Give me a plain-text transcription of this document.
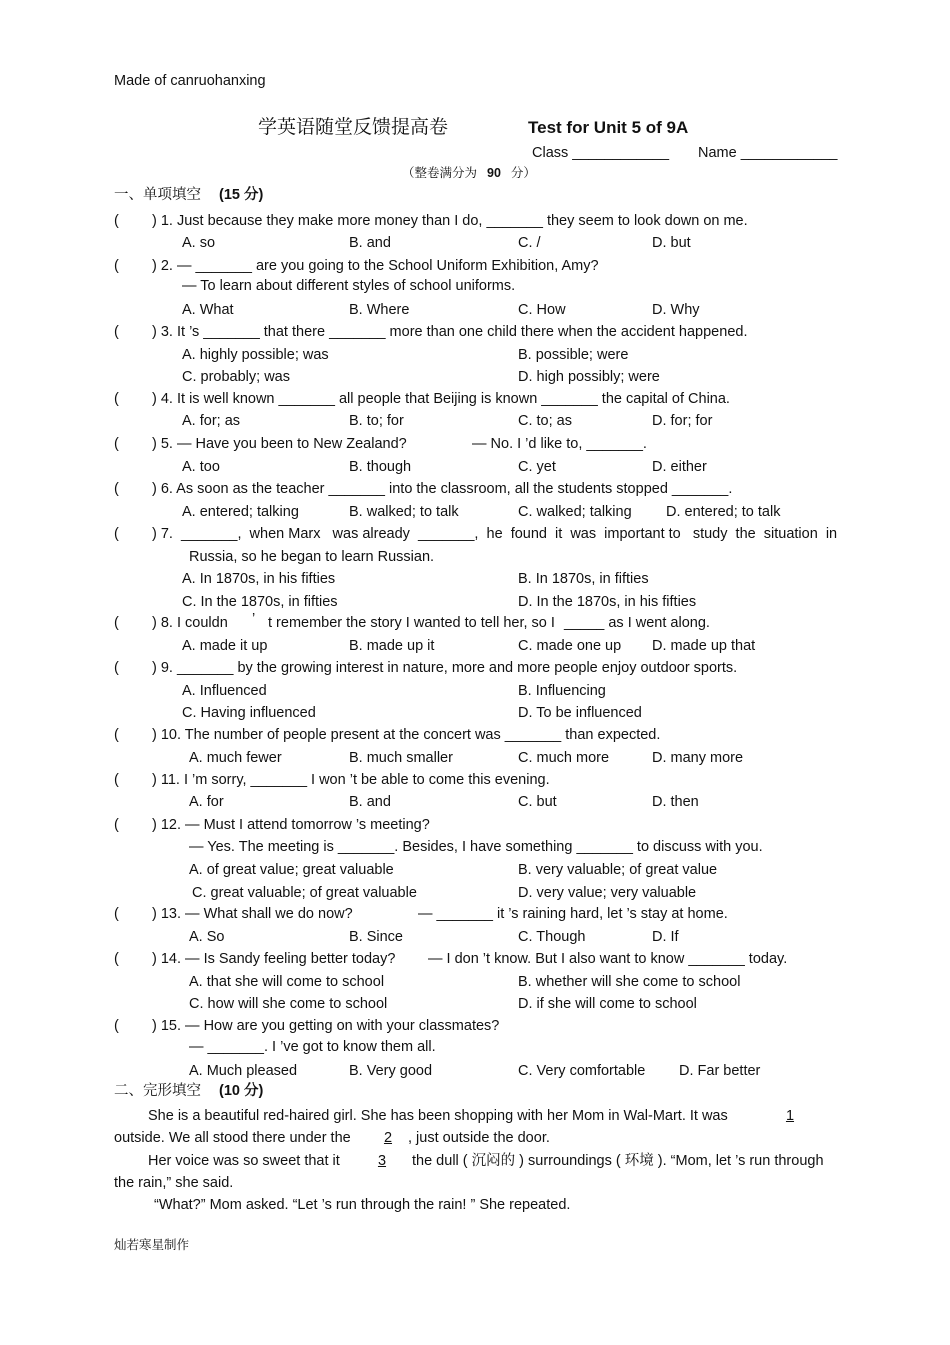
Made of canruohanxing
学英语随堂反馈提高卷	Test for Unit 5 of 9A
Class ____________ Name ____________
（整卷满分为 90 分）
一、单项填空 (15 分)
( ) 1. Just because they make more money than I do, _______ they seem to look down on me.
A. so	B. and	C. /	D. but
( ) 2. — _______ are you going to the School Uniform Exhibition, Amy?
— To learn about different styles of school uniforms.
A. What	B. Where	C. How	D. Why
( ) 3. It ’s _______ that there _______ more than one child there when the accident happened.
A. highly possible; was	B. possible; were
C. probably; was	D. high possibly; were
( ) 4. It is well known _______ all people that Beijing is known _______ the capital of China.
A. for; as	B. to; for	C. to; as	D. for; for
( ) 5. — Have you been to New Zealand?	— No. I ’d like to, _______.
A. too	B. though	C. yet	D. either
( ) 6. As soon as the teacher _______ into the classroom, all the students stopped _______.
A. entered; talking	B. walked; to talk	C. walked; talking D. entered; to talk
( ) 7.  _______,  when Marx   was already  _______,  he  found  it  was  important to   study  the  situation  in
Russia, so he began to learn Russian.
A. In 1870s, in his fifties	B. In 1870s, in fifties
C. In the 1870s, in fifties	D. In the 1870s, in his fifties
( ) 8. I couldn ’ t remember the story I wanted to tell her, so I _____ as I went along.
A. made it up	B. made up it	C. made one up D. made up that
( ) 9. _______ by the growing interest in nature, more and more people enjoy outdoor sports.
A. Influenced	B. Influencing
C. Having influenced	D. To be influenced
( ) 10. The number of people present at the concert was _______ than expected.
A. much fewer	B. much smaller	C. much more	D. many more
( ) 11. I ’m sorry, _______ I won ’t be able to come this evening.
A. for	B. and	C. but	D. then
( ) 12. — Must I attend tomorrow ’s meeting?
— Yes. The meeting is _______. Besides, I have something _______ to discuss with you.
A. of great value; great valuable	B. very valuable; of great value
C. great valuable; of great valuable	D. very value; very valuable
( ) 13. — What shall we do now?	— _______ it ’s raining hard, let ’s stay at home.
A. So	B. Since	C. Though	D. If
( ) 14. — Is Sandy feeling better today? — I don ’t know. But I also want to know _______ today.
A. that she will come to school	B. whether will she come to school
C. how will she come to school	D. if she will come to school
( ) 15. — How are you getting on with your classmates?
— _______. I ’ve got to know them all.
A. Much pleased	B. Very good	C. Very comfortable D. Far better
二、完形填空 (10 分)
She is a beautiful red-haired girl. She has been shopping with her Mom in Wal-Mart. It was	1
outside. We all stood there under the	2	, just outside the door.
Her voice was so sweet that it	3	the dull ( 沉闷的 ) surroundings ( 环境 ). “Mom, let ’s run through
the rain,” she said.
“What?” Mom asked. “Let ’s run through the rain! ” She repeated.
灿若寒星制作
